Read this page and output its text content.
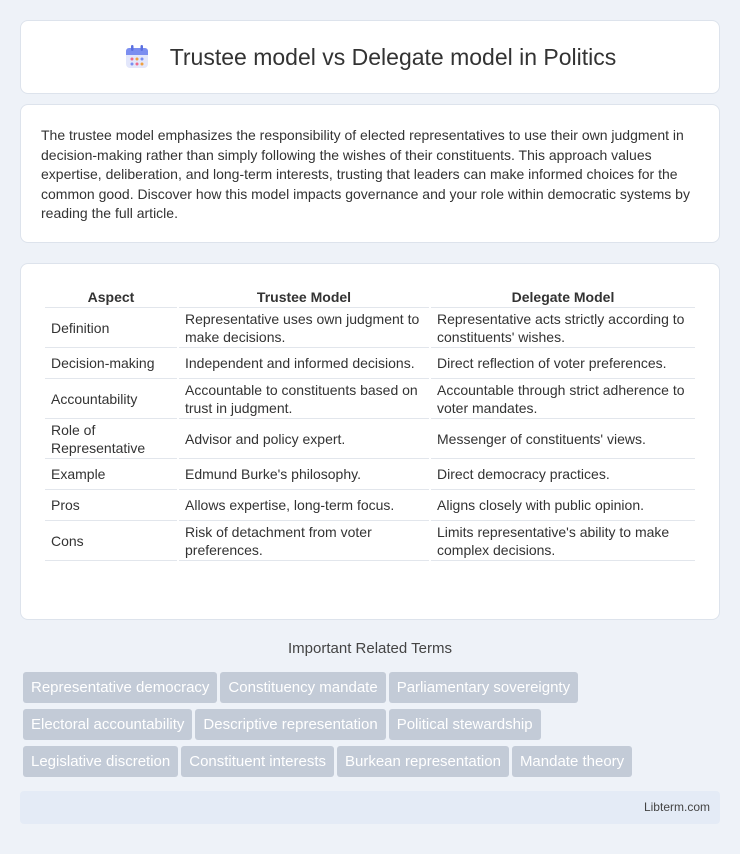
Trustee model vs Delegate model in Politics

The trustee model emphasizes the responsibility of elected representatives to use their own judgment in decision-making rather than simply following the wishes of their constituents. This approach values expertise, deliberation, and long-term interests, trusting that leaders can make informed choices for the common good. Discover how this model impacts governance and your role within democratic systems by reading the full article.

Aspect	Trustee Model	Delegate Model
Definition	Representative uses own judgment to make decisions.	Representative acts strictly according to constituents' wishes.
Decision-making	Independent and informed decisions.	Direct reflection of voter preferences.
Accountability	Accountable to constituents based on trust in judgment.	Accountable through strict adherence to voter mandates.
Role of Representative	Advisor and policy expert.	Messenger of constituents' views.
Example	Edmund Burke's philosophy.	Direct democracy practices.
Pros	Allows expertise, long-term focus.	Aligns closely with public opinion.
Cons	Risk of detachment from voter preferences.	Limits representative's ability to make complex decisions.
Important Related Terms
Representative democracy Constituency mandate Parliamentary sovereignty
Electoral accountability Descriptive representation Political stewardship
Legislative discretion Constituent interests Burkean representation Mandate theory
Libterm.com
